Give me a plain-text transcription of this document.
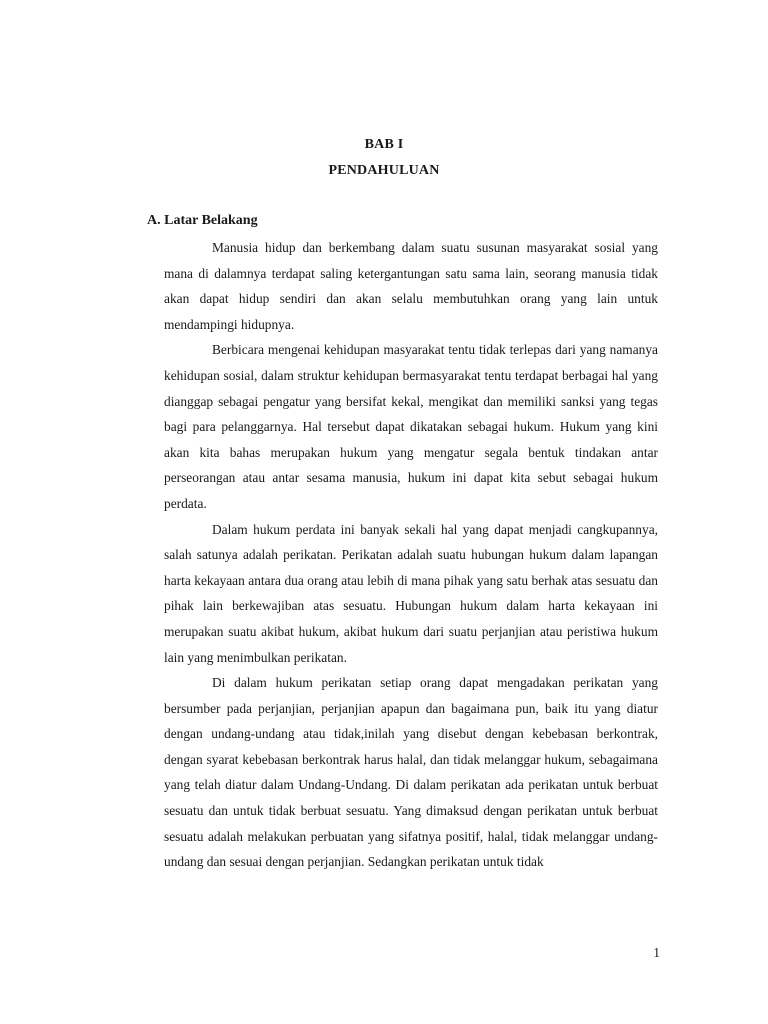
BAB I
PENDAHULUAN
A. Latar Belakang

Manusia hidup dan berkembang dalam suatu susunan masyarakat sosial yang mana di dalamnya terdapat saling ketergantungan satu sama lain, seorang manusia tidak akan dapat hidup sendiri dan akan selalu membutuhkan orang yang lain untuk mendampingi hidupnya.

Berbicara mengenai kehidupan masyarakat tentu tidak terlepas dari yang namanya kehidupan sosial, dalam struktur kehidupan bermasyarakat tentu terdapat berbagai hal yang dianggap sebagai pengatur yang bersifat kekal, mengikat dan memiliki sanksi yang tegas bagi para pelanggarnya. Hal tersebut dapat dikatakan sebagai hukum. Hukum yang kini akan kita bahas merupakan hukum yang mengatur segala bentuk tindakan antar perseorangan atau antar sesama manusia, hukum ini dapat kita sebut sebagai hukum perdata.

Dalam hukum perdata ini banyak sekali hal yang dapat menjadi cangkupannya, salah satunya adalah perikatan. Perikatan adalah suatu hubungan hukum dalam lapangan harta kekayaan antara dua orang atau lebih di mana pihak yang satu berhak atas sesuatu dan pihak lain berkewajiban atas sesuatu. Hubungan hukum dalam harta kekayaan ini merupakan suatu akibat hukum, akibat hukum dari suatu perjanjian atau peristiwa hukum lain yang menimbulkan perikatan.

Di dalam hukum perikatan setiap orang dapat mengadakan perikatan yang bersumber pada perjanjian, perjanjian apapun dan bagaimana pun, baik itu yang diatur dengan undang-undang atau tidak,inilah yang disebut dengan kebebasan berkontrak, dengan syarat kebebasan berkontrak harus halal, dan tidak melanggar hukum, sebagaimana yang telah diatur dalam Undang-Undang. Di dalam perikatan ada perikatan untuk berbuat sesuatu dan untuk tidak berbuat sesuatu. Yang dimaksud dengan perikatan untuk berbuat sesuatu adalah melakukan perbuatan yang sifatnya positif, halal, tidak melanggar undang-undang dan sesuai dengan perjanjian. Sedangkan perikatan untuk tidak

1
